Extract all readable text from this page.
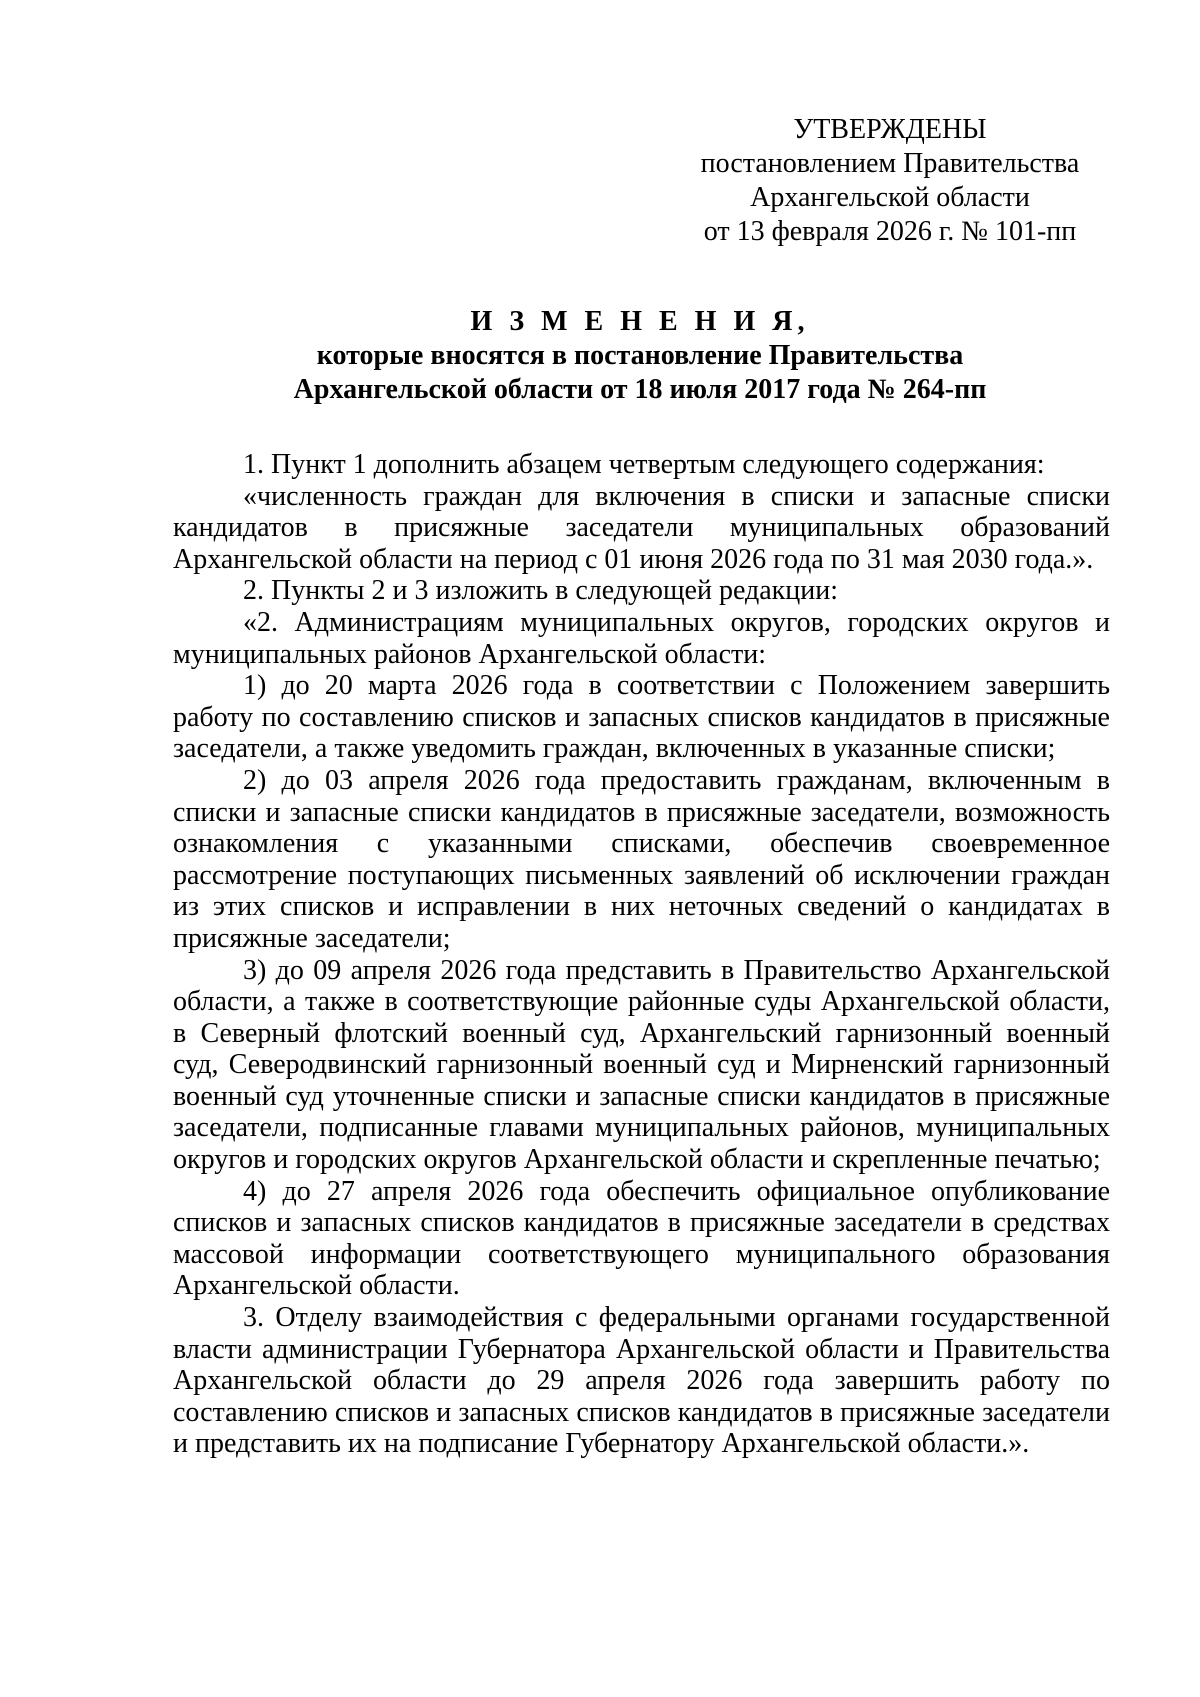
УТВЕРЖДЕНЫ
постановлением Правительства
Архангельской области
от 13 февраля 2026 г. № 101-пп
И З М Е Н Е Н И Я,
которые вносятся в постановление Правительства
Архангельской области от 18 июля 2017 года № 264-пп

1. Пункт 1 дополнить абзацем четвертым следующего содержания:

«численность граждан для включения в списки и запасные списки кандидатов в присяжные заседатели муниципальных образований Архангельской области на период с 01 июня 2026 года по 31 мая 2030 года.».

2. Пункты 2 и 3 изложить в следующей редакции:

«2. Администрациям муниципальных округов, городских округов и муниципальных районов Архангельской области:

1) до 20 марта 2026 года в соответствии с Положением завершить работу по составлению списков и запасных списков кандидатов в присяжные заседатели, а также уведомить граждан, включенных в указанные списки;

2) до 03 апреля 2026 года предоставить гражданам, включенным в списки и запасные списки кандидатов в присяжные заседатели, возможность ознакомления с указанными списками, обеспечив своевременное рассмотрение поступающих письменных заявлений об исключении граждан из этих списков и исправлении в них неточных сведений о кандидатах в присяжные заседатели;

3) до 09 апреля 2026 года представить в Правительство Архангельской области, а также в соответствующие районные суды Архангельской области, в Северный флотский военный суд, Архангельский гарнизонный военный суд, Северодвинский гарнизонный военный суд и Мирненский гарнизонный военный суд уточненные списки и запасные списки кандидатов в присяжные заседатели, подписанные главами муниципальных районов, муниципальных округов и городских округов Архангельской области и скрепленные печатью;

4) до 27 апреля 2026 года обеспечить официальное опубликование списков и запасных списков кандидатов в присяжные заседатели в средствах массовой информации соответствующего муниципального образования Архангельской области.

3. Отделу взаимодействия с федеральными органами государственной власти администрации Губернатора Архангельской области и Правительства Архангельской области до 29 апреля 2026 года завершить работу по составлению списков и запасных списков кандидатов в присяжные заседатели и представить их на подписание Губернатору Архангельской области.».
